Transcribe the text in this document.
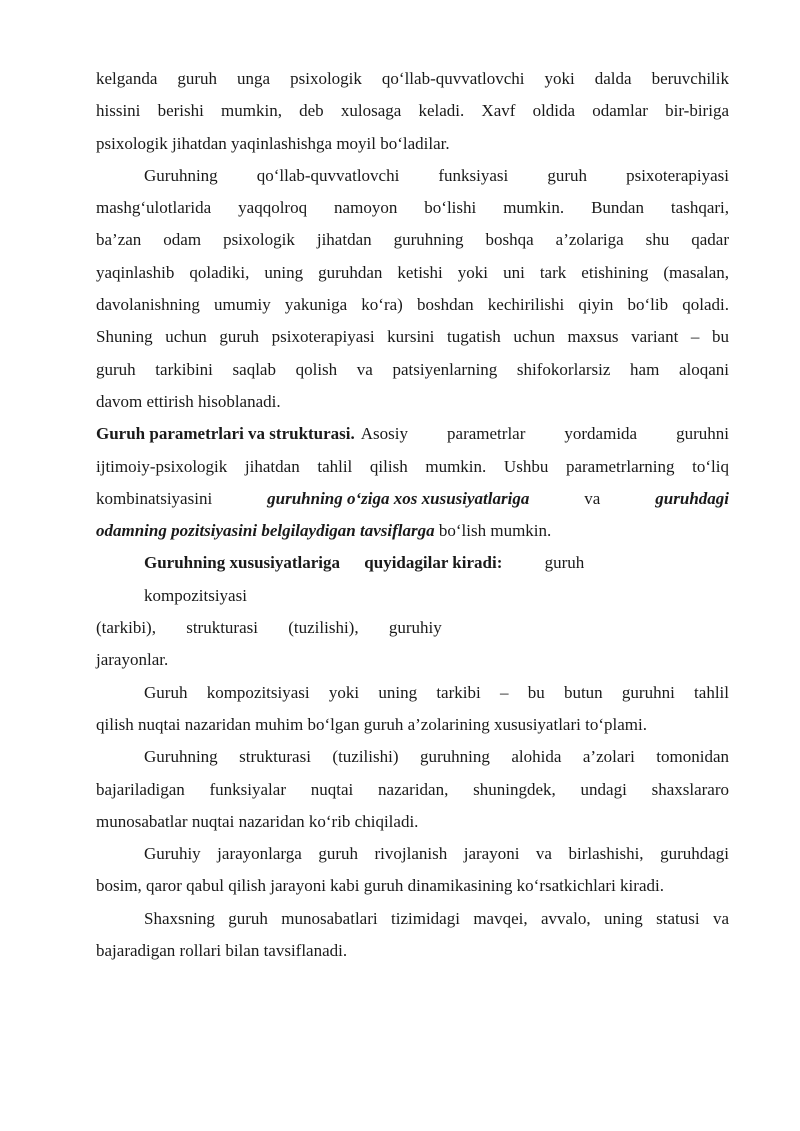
kelganda guruh unga psixologik qo‘llab-quvvatlovchi yoki dalda beruvchilik
hissini berishi mumkin, deb xulosaga keladi. Xavf oldida odamlar bir-biriga
psixologik jihatdan yaqinlashishga moyil bo‘ladilar.
Guruhning qo‘llab-quvvatlovchi funksiyasi guruh psixoterapiyasi
mashg‘ulotlarida yaqqolroq namoyon bo‘lishi mumkin. Bundan tashqari,
ba’zan odam psixologik jihatdan guruhning boshqa a’zolariga shu qadar
yaqinlashib qoladiki, uning guruhdan ketishi yoki uni tark etishining (masalan,
davolanishning umumiy yakuniga ko‘ra) boshdan kechirilishi qiyin bo‘lib qoladi.
Shuning uchun guruh psixoterapiyasi kursini tugatish uchun maxsus variant – bu
guruh tarkibini saqlab qolish va patsiyenlarning shifokorlarsiz ham aloqani
davom ettirish hisoblanadi.
Guruh parametrlari va strukturasi. Asosiy parametrlar yordamida guruhni
ijtimoiy-psixologik jihatdan tahlil qilish mumkin. Ushbu parametrlarning to‘liq
kombinatsiyasini	guruhning o‘ziga xos xususiyatlariga	va	guruhdagi
odamning pozitsiyasini belgilaydigan tavsiflarga bo‘lish mumkin.
Guruhning xususiyatlariga quyidagilar kiradi: guruh
kompozitsiyasi
(tarkibi), strukturasi (tuzilishi), guruhiy
jarayonlar.
Guruh kompozitsiyasi yoki uning tarkibi – bu butun guruhni tahlil
qilish nuqtai nazaridan muhim bo‘lgan guruh a’zolarining xususiyatlari to‘plami.
Guruhning strukturasi (tuzilishi) guruhning alohida a’zolari tomonidan
bajariladigan funksiyalar nuqtai nazaridan, shuningdek, undagi shaxslararo
munosabatlar nuqtai nazaridan ko‘rib chiqiladi.
Guruhiy jarayonlarga guruh rivojlanish jarayoni va birlashishi, guruhdagi
bosim, qaror qabul qilish jarayoni kabi guruh dinamikasining ko‘rsatkichlari kiradi.
Shaxsning guruh munosabatlari tizimidagi mavqei, avvalo, uning statusi va
bajaradigan rollari bilan tavsiflanadi.
